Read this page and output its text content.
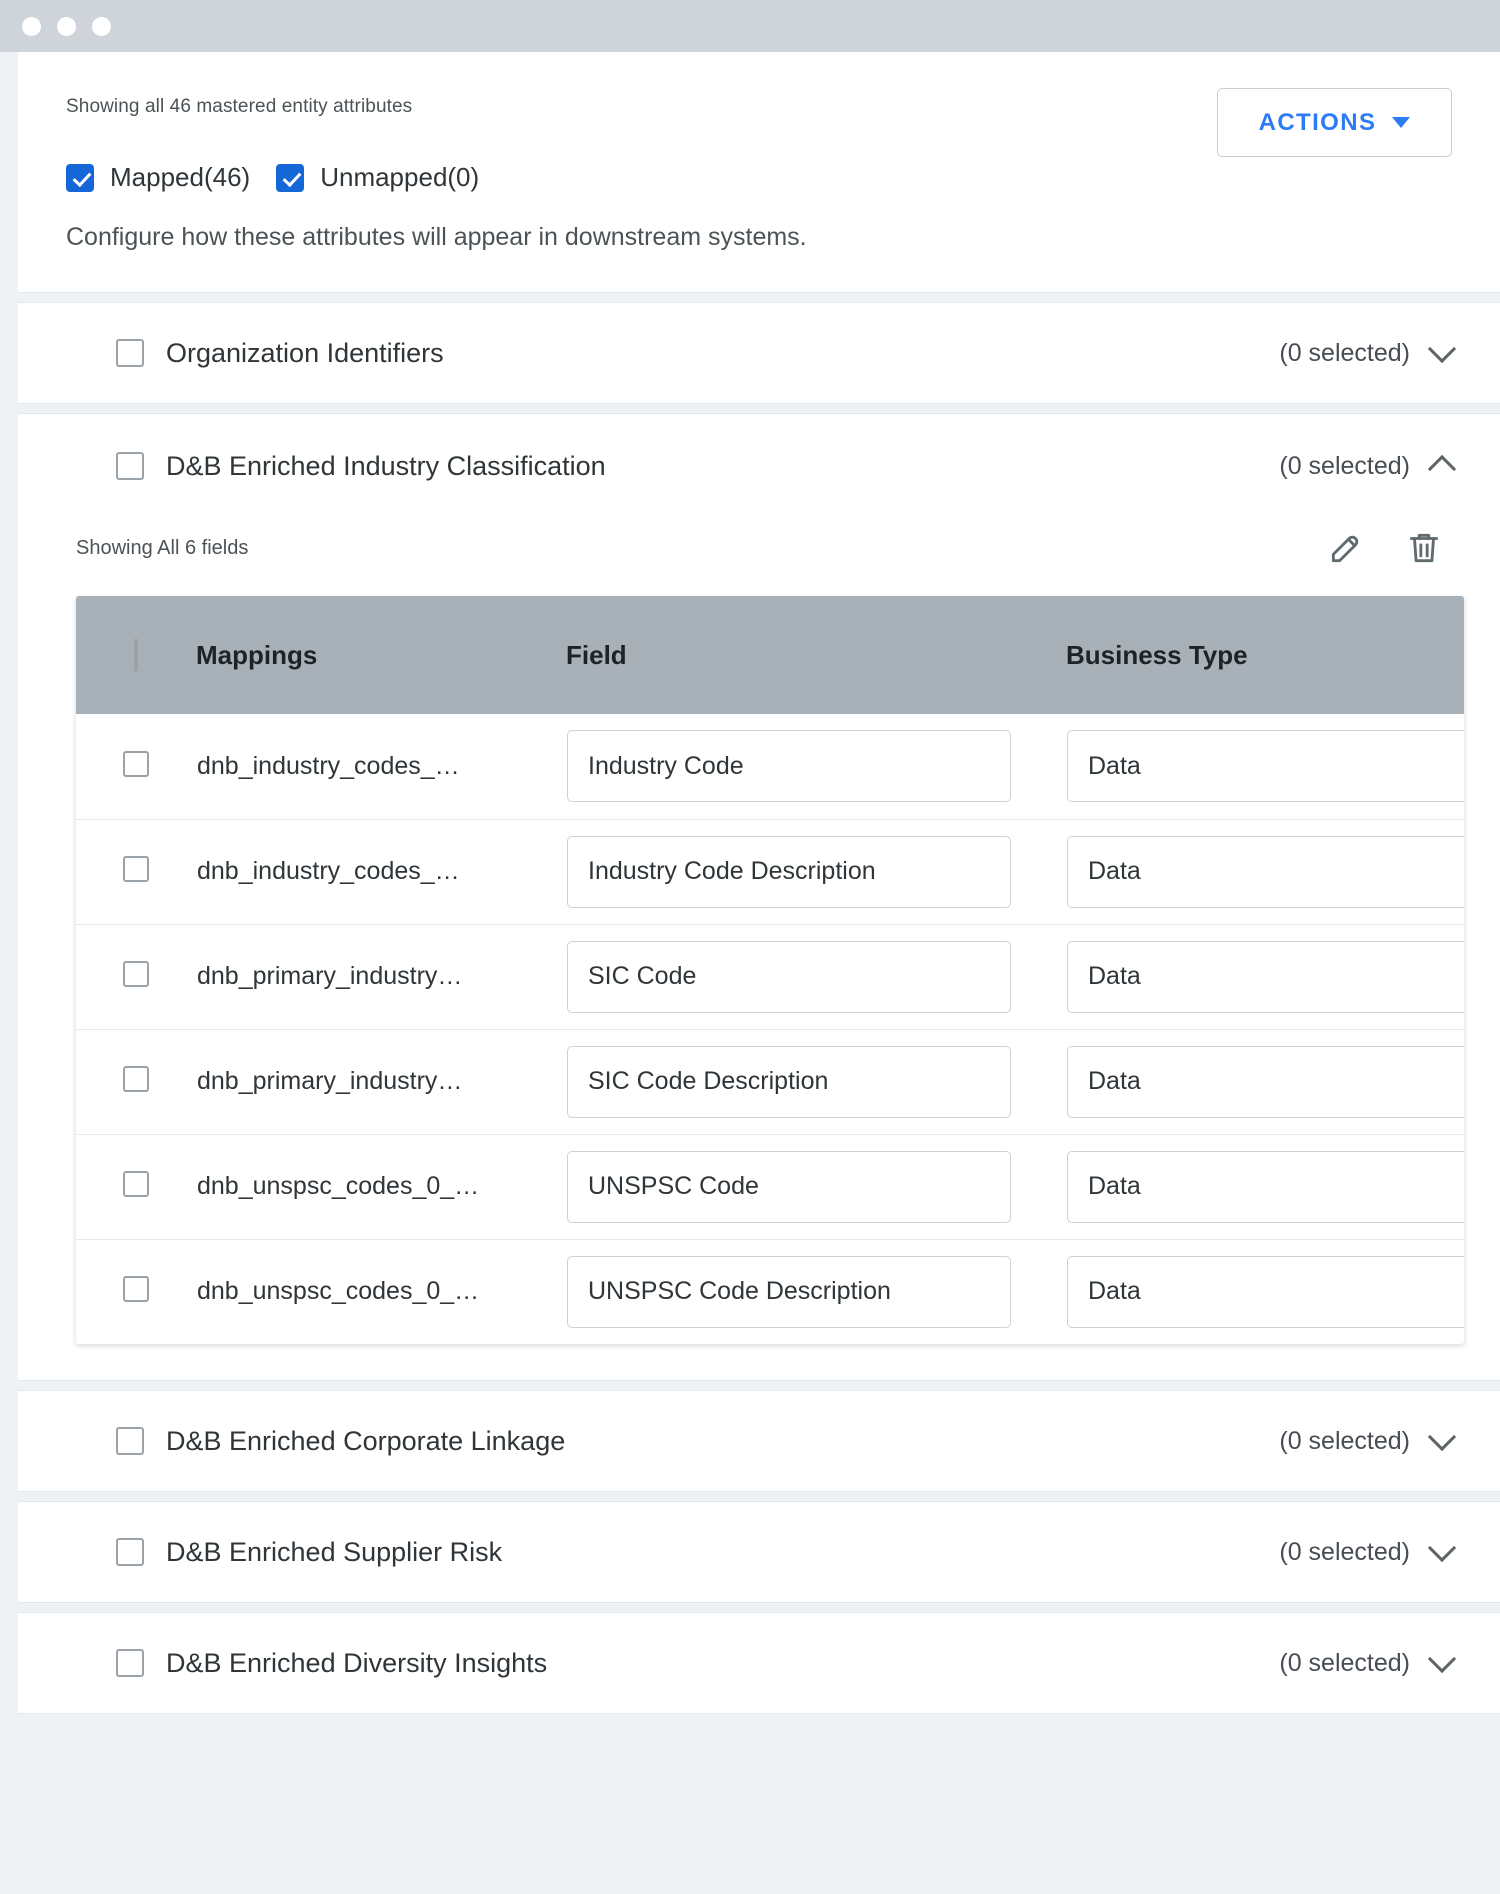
Showing all 46 mastered entity attributes
ACTIONS
Mapped(46)	Unmapped(0)
Configure how these attributes will appear in downstream systems.
Organization Identifiers	(0 selected)
D&B Enriched Industry Classification	(0 selected)
Showing All 6 fields
	Mappings	Field	Business Type

	dnb_industry_codes_…	Industry Code	Data

	dnb_industry_codes_…	Industry Code Description	Data

	dnb_primary_industry…	SIC Code	Data

	dnb_primary_industry…	SIC Code Description	Data

	dnb_unspsc_codes_0_…	UNSPSC Code	Data

	dnb_unspsc_codes_0_…	UNSPSC Code Description	Data
D&B Enriched Corporate Linkage	(0 selected)
D&B Enriched Supplier Risk	(0 selected)
D&B Enriched Diversity Insights	(0 selected)
